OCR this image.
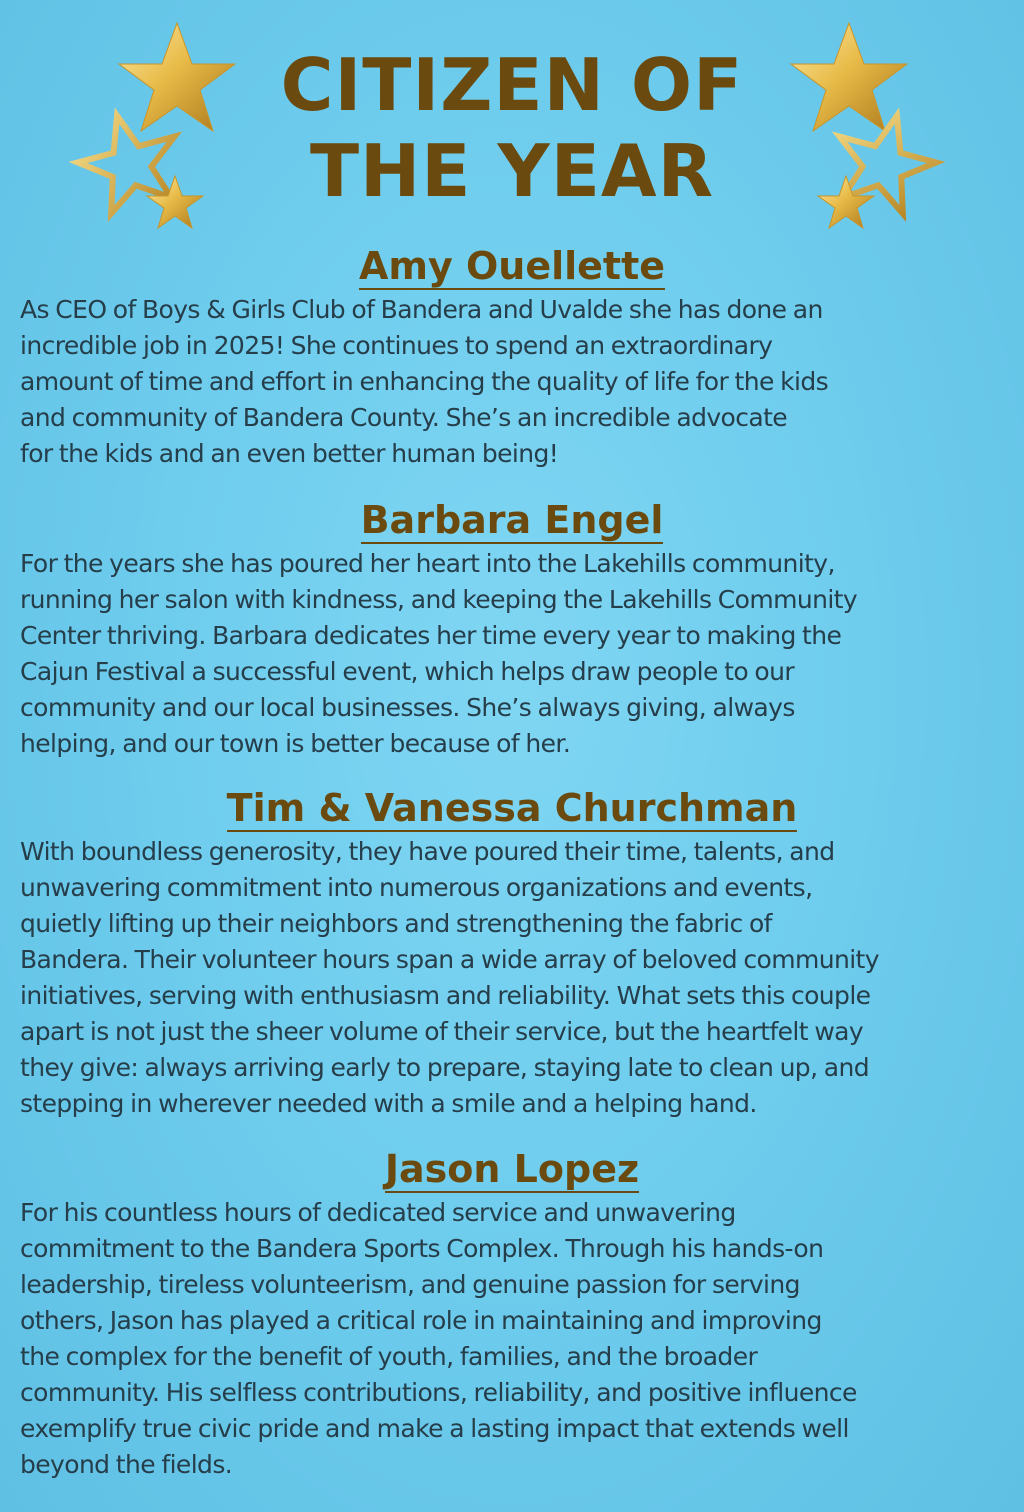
CITIZEN OF
THE YEAR
Amy Ouellette

As CEO of Boys & Girls Club of Bandera and Uvalde she has done an
incredible job in 2025! She continues to spend an extraordinary
amount of time and effort in enhancing the quality of life for the kids
and community of Bandera County. She’s an incredible advocate
for the kids and an even better human being!

Barbara Engel

For the years she has poured her heart into the Lakehills community,
running her salon with kindness, and keeping the Lakehills Community
Center thriving. Barbara dedicates her time every year to making the
Cajun Festival a successful event, which helps draw people to our
community and our local businesses. She’s always giving, always
helping, and our town is better because of her.

Tim & Vanessa Churchman

With boundless generosity, they have poured their time, talents, and
unwavering commitment into numerous organizations and events,
quietly lifting up their neighbors and strengthening the fabric of
Bandera. Their volunteer hours span a wide array of beloved community
initiatives, serving with enthusiasm and reliability. What sets this couple
apart is not just the sheer volume of their service, but the heartfelt way
they give: always arriving early to prepare, staying late to clean up, and
stepping in wherever needed with a smile and a helping hand.

Jason Lopez

For his countless hours of dedicated service and unwavering
commitment to the Bandera Sports Complex. Through his hands-on
leadership, tireless volunteerism, and genuine passion for serving
others, Jason has played a critical role in maintaining and improving
the complex for the benefit of youth, families, and the broader
community. His selfless contributions, reliability, and positive influence
exemplify true civic pride and make a lasting impact that extends well
beyond the fields.
